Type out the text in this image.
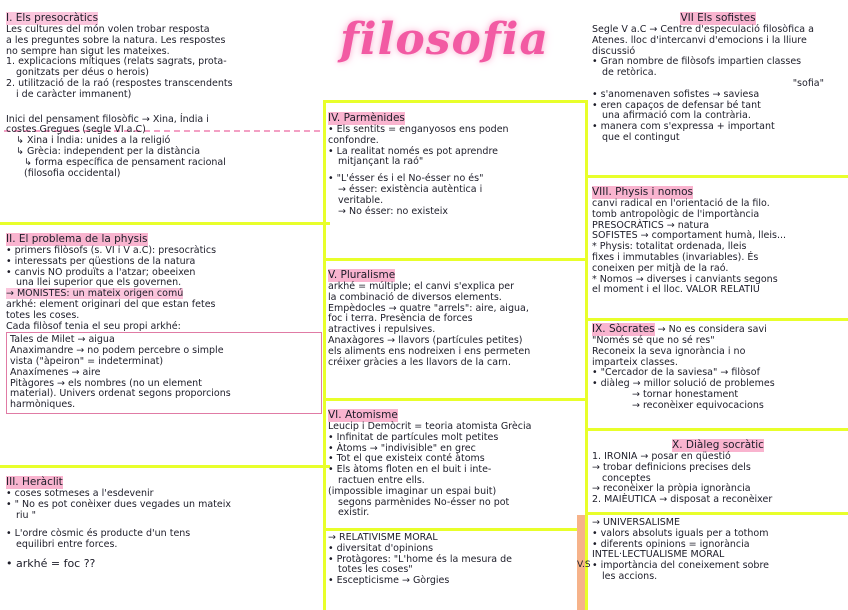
V.S
filosofia
I. Els presocràtics
Les cultures del món volen trobar resposta
a les preguntes sobre la natura. Les respostes
no sempre han sigut les mateixes.
1. explicacions mítiques (relats sagrats, prota-
gonitzats per déus o herois)
2. utilització de la raó (respostes transcendents
i de caràcter immanent)
Inici del pensament filosòfic → Xina, Índia i
costes Gregues (segle VI a.C)
↳ Xina i Índia: unides a la religió
↳ Grècia: independent per la distància
↳ forma específica de pensament racional
(filosofia occidental)
II. El problema de la physis
• primers filòsofs (s. VI i V a.C): presocràtics
• interessats per qüestions de la natura
• canvis NO produïts a l'atzar; obeeixen
una llei superior que els governen.
→ MONISTES: un mateix origen comú
arkhé: element originari del que estan fetes
totes les coses.
Cada filòsof tenia el seu propi arkhé:
Tales de Milet → aigua
Anaximandre → no podem percebre o simple
vista ("àpeiron" = indeterminat)
Anaxímenes → aire
Pitàgores → els nombres (no un element
material). Univers ordenat segons proporcions
harmòniques.
III. Heràclit
• coses sotmeses a l'esdevenir
• " No es pot conèixer dues vegades un mateix
riu "
• L'ordre còsmic és producte d'un tens
equilibri entre forces.
• arkhé = foc ??
IV. Parmènides
• Els sentits = enganyosos ens poden
confondre.
• La realitat només es pot aprendre
mitjançant la raó"
• "L'ésser és i el No-ésser no és"
→ ésser: existència autèntica i
veritable.
→ No ésser: no existeix
V. Pluralisme
arkhé = múltiple; el canvi s'explica per
la combinació de diversos elements.
Empèdocles → quatre "arrels": aire, aigua,
foc i terra. Presència de forces
atractives i repulsives.
Anaxàgores → llavors (partícules petites)
els aliments ens nodreixen i ens permeten
créixer gràcies a les llavors de la carn.
VI. Atomisme
Leucip i Demòcrit = teoria atomista Grècia
• Infinitat de partícules molt petites
• Àtoms → "indivisible" en grec
• Tot el que existeix conté àtoms
• Els àtoms floten en el buit i inte-
ractuen entre ells.
(impossible imaginar un espai buit)
segons parmènides No-ésser no pot
existir.
→ RELATIVISME MORAL
• diversitat d'opinions
• Protàgores: "L'home és la mesura de
totes les coses"
• Escepticisme → Gòrgies
VII Els sofistes
Segle V a.C → Centre d'especulació filosòfica a
Atenes. lloc d'intercanvi d'emocions i la lliure
discussió
• Gran nombre de filòsofs impartien classes
de retòrica.
"sofia"
• s'anomenaven sofistes → saviesa
• eren capaços de defensar bé tant
una afirmació com la contrària.
• manera com s'expressa + important
que el contingut
VIII. Physis i nomos
canvi radical en l'orientació de la filo.
tomb antropològic de l'importància
PRESOCRÀTICS → natura
SOFISTES → comportament humà, lleis...
* Physis: totalitat ordenada, lleis
fixes i immutables (invariables). És
coneixen per mitjà de la raó.
* Nomos → diverses i canviants segons
el moment i el lloc. VALOR RELATIU
IX. Sòcrates → No es considera savi
"Només sé que no sé res"
Reconeix la seva ignorància i no
imparteix classes.
• "Cercador de la saviesa" → filòsof
• diàleg → millor solució de problemes
→ tornar honestament
→ reconèixer equivocacions
X. Diàleg socràtic
1. IRONIA → posar en qüestió
→ trobar definicions precises dels
conceptes
→ reconèixer la pròpia ignorància
2. MAIÈUTICA → disposat a reconèixer
→ UNIVERSALISME
• valors absoluts iguals per a tothom
• diferents opinions = ignorància
INTEL·LECTUALISME MORAL
• importància del coneixement sobre
les accions.
